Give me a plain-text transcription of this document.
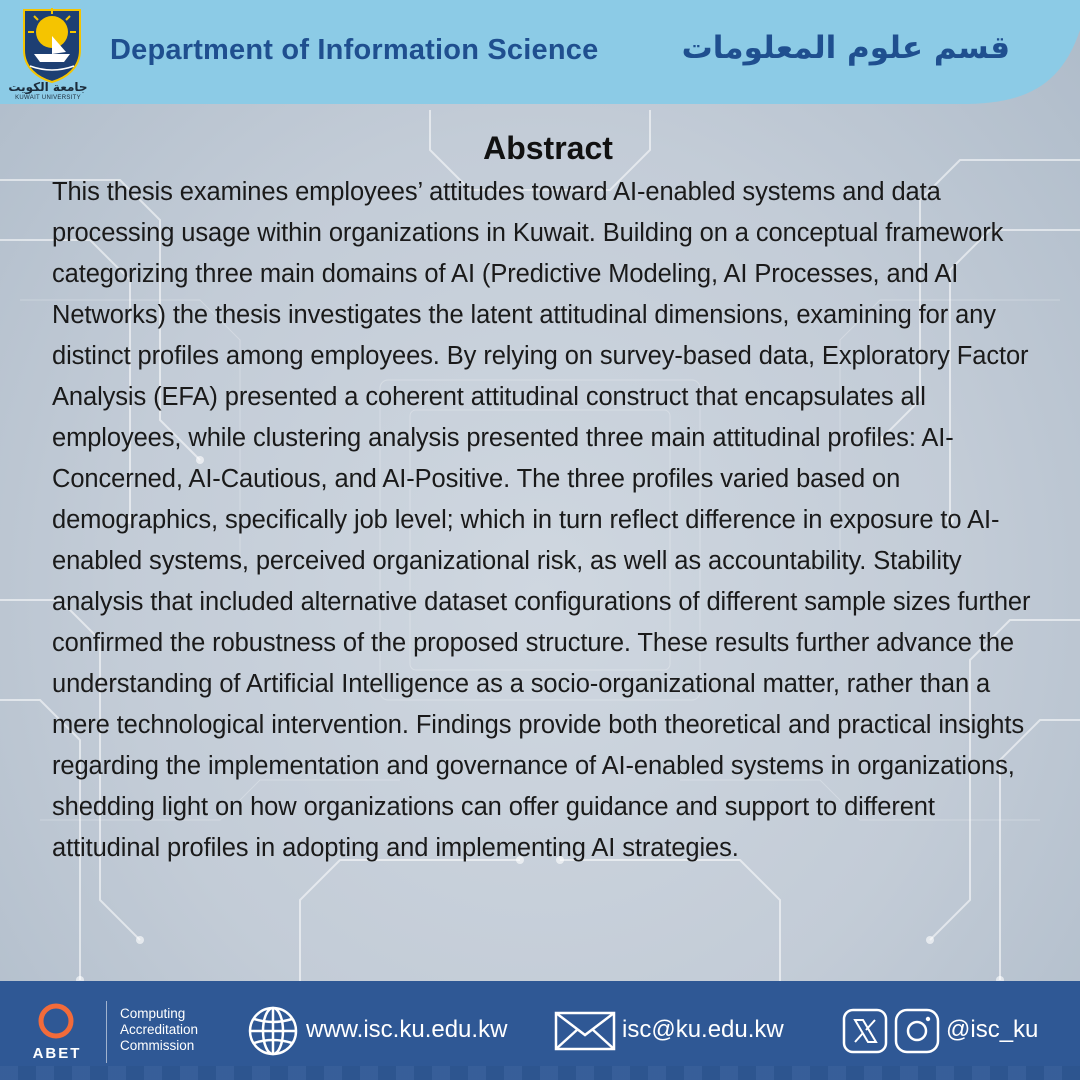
جامعة الكويت
KUWAIT UNIVERSITY
Department of Information Science	قسم علوم المعلومات
Abstract

This thesis examines employees’ attitudes toward AI-enabled systems and data processing usage within organizations in Kuwait. Building on a conceptual framework categorizing three main domains of AI (Predictive Modeling, AI Processes, and AI Networks) the thesis investigates the latent attitudinal dimensions, examining for any distinct profiles among employees. By relying on survey-based data, Exploratory Factor Analysis (EFA) presented a coherent attitudinal construct that encapsulates all employees, while clustering analysis presented three main attitudinal profiles: AI-Concerned, AI-Cautious, and AI-Positive. The three profiles varied based on demographics, specifically job level; which in turn reflect difference in exposure to AI-enabled systems, perceived organizational risk, as well as accountability. Stability analysis that included alternative dataset configurations of different sample sizes further confirmed the robustness of the proposed structure. These results further advance the understanding of Artificial Intelligence as a socio-organizational matter, rather than a mere technological intervention. Findings provide both theoretical and practical insights regarding the implementation and governance of AI-enabled systems in organizations, shedding light on how organizations can offer guidance and support to different attitudinal profiles in adopting and implementing AI strategies.

ABET
Computing
Accreditation
Commission
www.isc.ku.edu.kw	isc@ku.edu.kw	@isc_ku
